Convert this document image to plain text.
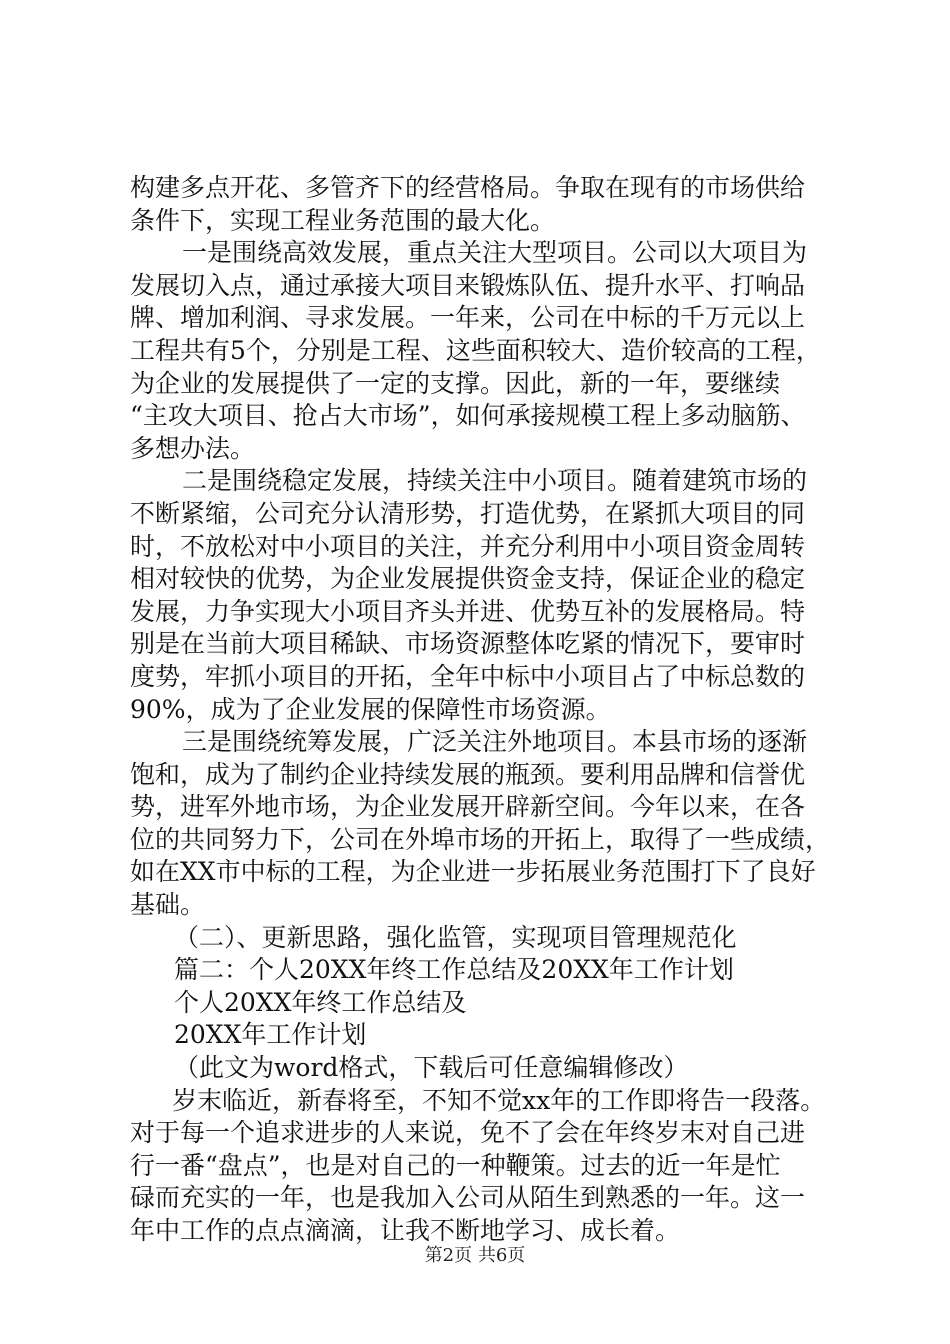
构建多点开花、多管齐下的经营格局。争取在现有的市场供给
条件下，实现工程业务范围的最大化。
一是围绕高效发展，重点关注大型项目。公司以大项目为
发展切入点，通过承接大项目来锻炼队伍、提升水平、打响品
牌、增加利润、寻求发展。一年来，公司在中标的千万元以上
工程共有5个，分别是工程、这些面积较大、造价较高的工程，
为企业的发展提供了一定的支撑。因此，新的一年，要继续
“主攻大项目、抢占大市场”，如何承接规模工程上多动脑筋、
多想办法。
二是围绕稳定发展，持续关注中小项目。随着建筑市场的
不断紧缩，公司充分认清形势，打造优势，在紧抓大项目的同
时，不放松对中小项目的关注，并充分利用中小项目资金周转
相对较快的优势，为企业发展提供资金支持，保证企业的稳定
发展，力争实现大小项目齐头并进、优势互补的发展格局。特
别是在当前大项目稀缺、市场资源整体吃紧的情况下，要审时
度势，牢抓小项目的开拓，全年中标中小项目占了中标总数的
90%，成为了企业发展的保障性市场资源。
三是围绕统筹发展，广泛关注外地项目。本县市场的逐渐
饱和，成为了制约企业持续发展的瓶颈。要利用品牌和信誉优
势，进军外地市场，为企业发展开辟新空间。今年以来，在各
位的共同努力下，公司在外埠市场的开拓上，取得了一些成绩，
如在XX市中标的工程，为企业进一步拓展业务范围打下了良好
基础。
（二）、更新思路，强化监管，实现项目管理规范化
篇二：个人20XX年终工作总结及20XX年工作计划
个人20XX年终工作总结及
20XX年工作计划
（此文为word格式，下载后可任意编辑修改）
岁末临近，新春将至，不知不觉xx年的工作即将告一段落。
对于每一个追求进步的人来说，免不了会在年终岁末对自己进
行一番“盘点”，也是对自己的一种鞭策。过去的近一年是忙
碌而充实的一年，也是我加入公司从陌生到熟悉的一年。这一
年中工作的点点滴滴，让我不断地学习、成长着。
第2页 共6页
